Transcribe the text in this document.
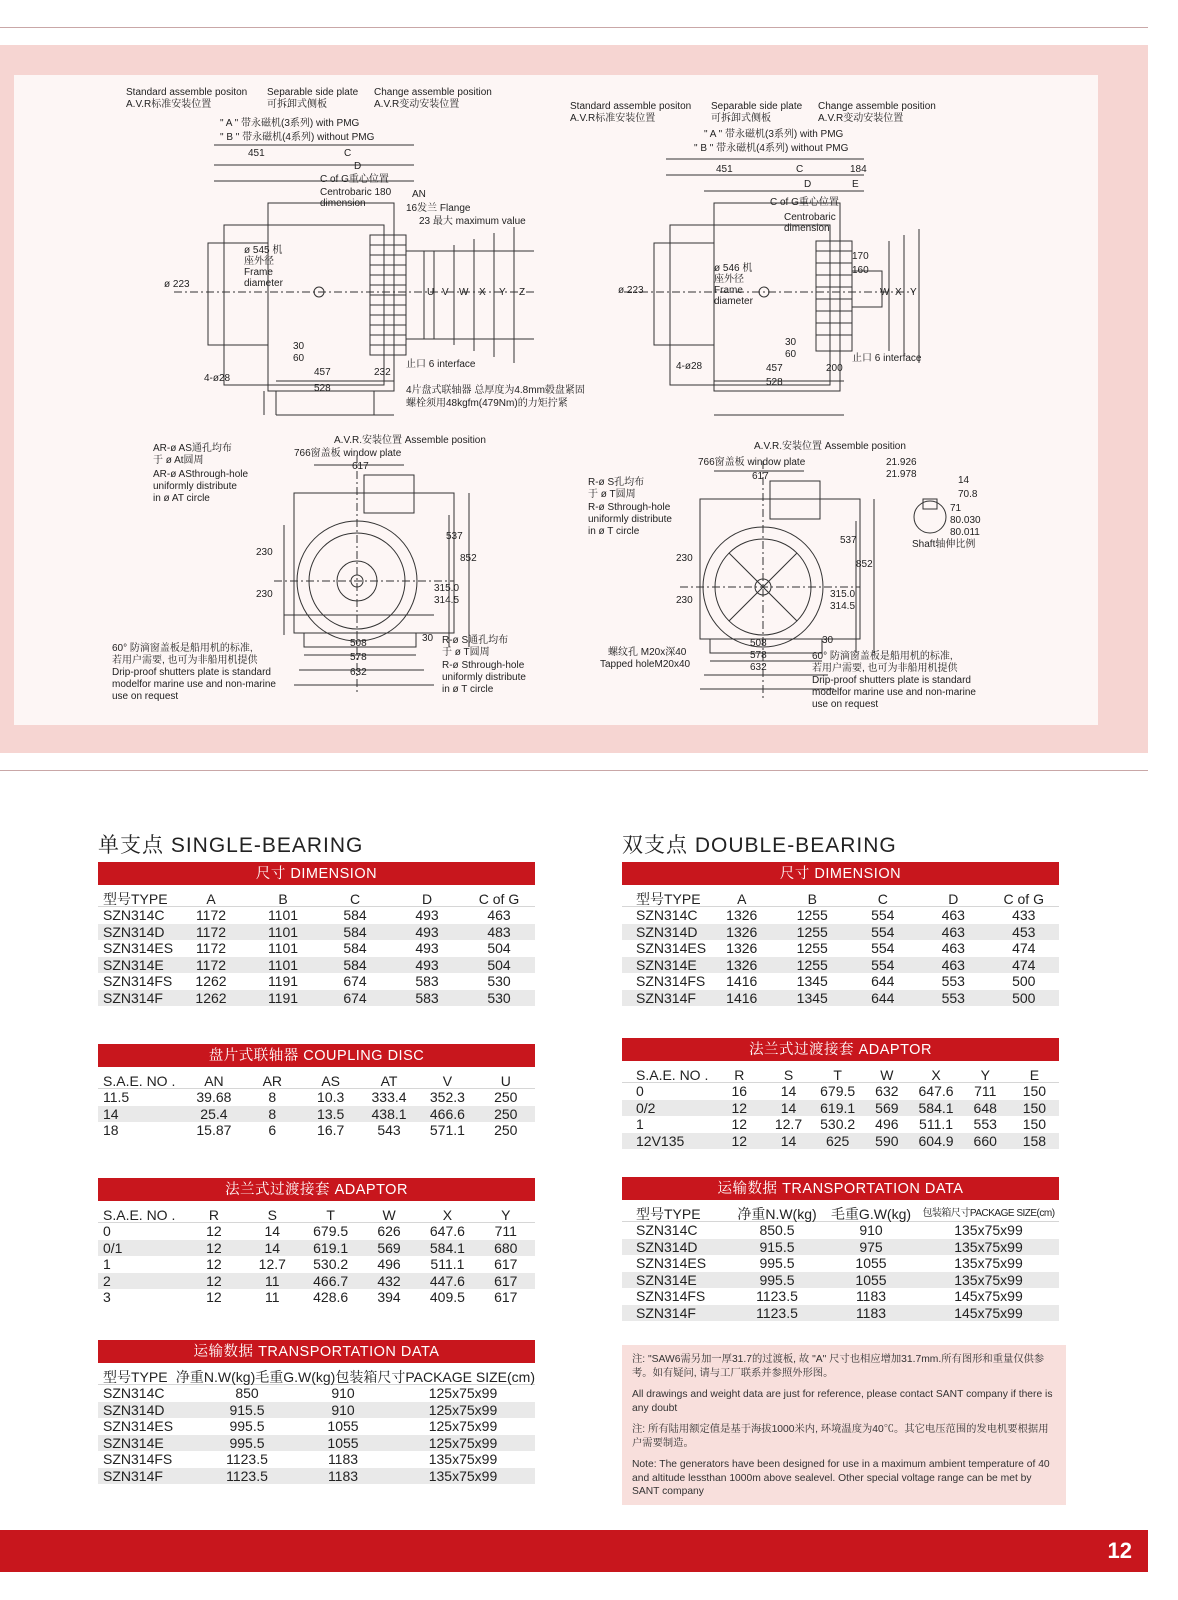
Standard assemble positon
A.V.R标准安装位置
Separable side plate
可拆卸式侧板
Change assemble position
A.V.R变动安装位置
" A " 带永磁机(3系列) with PMG
" B " 带永磁机(4系列) without PMG
451	C
D
C of G重心位置
Centrobaric 180
dimension
AN
16发兰 Flange
23 最大 maximum value
ø 223
ø 545 机座外径 Frame diameter
U V W X Y Z
4-ø28
30
60
457
528
232
止口 6 interface
4片盘式联轴器 总厚度为4.8mm毂盘紧固
螺栓须用48kgfm(479Nm)的力矩拧紧
Standard assemble positon
A.V.R标准安装位置
Separable side plate
可拆卸式侧板
Change assemble position
A.V.R变动安装位置
" A " 带永磁机(3系列) with PMG
" B " 带永磁机(4系列) without PMG
451	C	184
D	E
C of G重心位置
Centrobaric
dimension
170
160
ø 223
ø 546 机座外径 Frame diameter
W X Y
4-ø28
30
60
457
528
200
止口 6 interface
A.V.R.安装位置 Assemble position
766窗盖板 window plate
617
AR-ø AS通孔均布
于 ø At圆周
AR-ø ASthrough-hole
uniformly distribute
in ø AT circle
230
230
537
852
315.0
314.5
508
578
632
30 R-ø S通孔均布
于 ø T圆周
R-ø Sthrough-hole
uniformly distribute
in ø T circle
60° 防滴窗盖板是船用机的标准,
若用户需要, 也可为非船用机提供
Drip-proof shutters plate is standard
modelfor marine use and non-marine
use on request
A.V.R.安装位置 Assemble position
766窗盖板 window plate
617
R-ø S孔均布
于 ø T圆周
R-ø Sthrough-hole
uniformly distribute
in ø T circle
21.926
21.978
14
70.8
71
80.030
80.011
Shaft轴伸比例
230
230
537
852
315.0
314.5
508
578
632
30
螺纹孔 M20x深40
Tapped holeM20x40
60° 防滴窗盖板是船用机的标准,
若用户需要, 也可为非船用机提供
Drip-proof shutters plate is standard
modelfor marine use and non-marine
use on request
单支点 SINGLE-BEARING	双支点 DOUBLE-BEARING
尺寸 DIMENSION
型号TYPE	A	B	C	D	C of G
SZN314C	1172	1101	584	493	463
SZN314D	1172	1101	584	493	483
SZN314ES	1172	1101	584	493	504
SZN314E	1172	1101	584	493	504
SZN314FS	1262	1191	674	583	530
SZN314F	1262	1191	674	583	530
盘片式联轴器 COUPLING DISC
S.A.E. NO .	AN	AR	AS	AT	V	U
11.5	39.68	8	10.3	333.4	352.3	250
14	25.4	8	13.5	438.1	466.6	250
18	15.87	6	16.7	543	571.1	250
法兰式过渡接套 ADAPTOR
S.A.E. NO .	R	S	T	W	X	Y
0	12	14	679.5	626	647.6	711
0/1	12	14	619.1	569	584.1	680
1	12	12.7	530.2	496	511.1	617
2	12	11	466.7	432	447.6	617
3	12	11	428.6	394	409.5	617
运输数据 TRANSPORTATION DATA
型号TYPE 净重N.W(kg) 毛重G.W(kg) 包装箱尺寸PACKAGE SIZE(cm)
SZN314C	850	910	125x75x99
SZN314D	915.5	910	125x75x99
SZN314ES	995.5	1055	125x75x99
SZN314E	995.5	1055	125x75x99
SZN314FS	1123.5	1183	135x75x99
SZN314F	1123.5	1183	135x75x99
尺寸 DIMENSION
型号TYPE	A	B	C	D	C of G
SZN314C	1326	1255	554	463	433
SZN314D	1326	1255	554	463	453
SZN314ES	1326	1255	554	463	474
SZN314E	1326	1255	554	463	474
SZN314FS	1416	1345	644	553	500
SZN314F	1416	1345	644	553	500
法兰式过渡接套 ADAPTOR
S.A.E. NO .	R	S	T	W	X	Y	E
0	16	14	679.5	632	647.6	711	150
0/2	12	14	619.1	569	584.1	648	150
1	12	12.7	530.2	496	511.1	553	150
12V135	12	14	625	590	604.9	660	158
运输数据 TRANSPORTATION DATA
型号TYPE	净重N.W(kg)	毛重G.W(kg)	包装箱尺寸PACKAGE SIZE(cm)
SZN314C	850.5	910	135x75x99
SZN314D	915.5	975	135x75x99
SZN314ES	995.5	1055	135x75x99
SZN314E	995.5	1055	135x75x99
SZN314FS	1123.5	1183	145x75x99
SZN314F	1123.5	1183	145x75x99

注: "SAW6需另加一厚31.7的过渡板, 故 "A" 尺寸也相应增加31.7mm.所有图形和重量仅供参考。如有疑问, 请与工厂联系并参照外形图。

All drawings and weight data are just for reference, please contact SANT company if there is any doubt

注: 所有陆用额定值是基于海拔1000米内, 环境温度为40℃。其它电压范围的发电机要根据用户需要制造。

Note: The generators have been designed for use in a maximum ambient temperature of 40 and altitude lessthan 1000m above sealevel. Other special voltage range can be met by SANT company

12
